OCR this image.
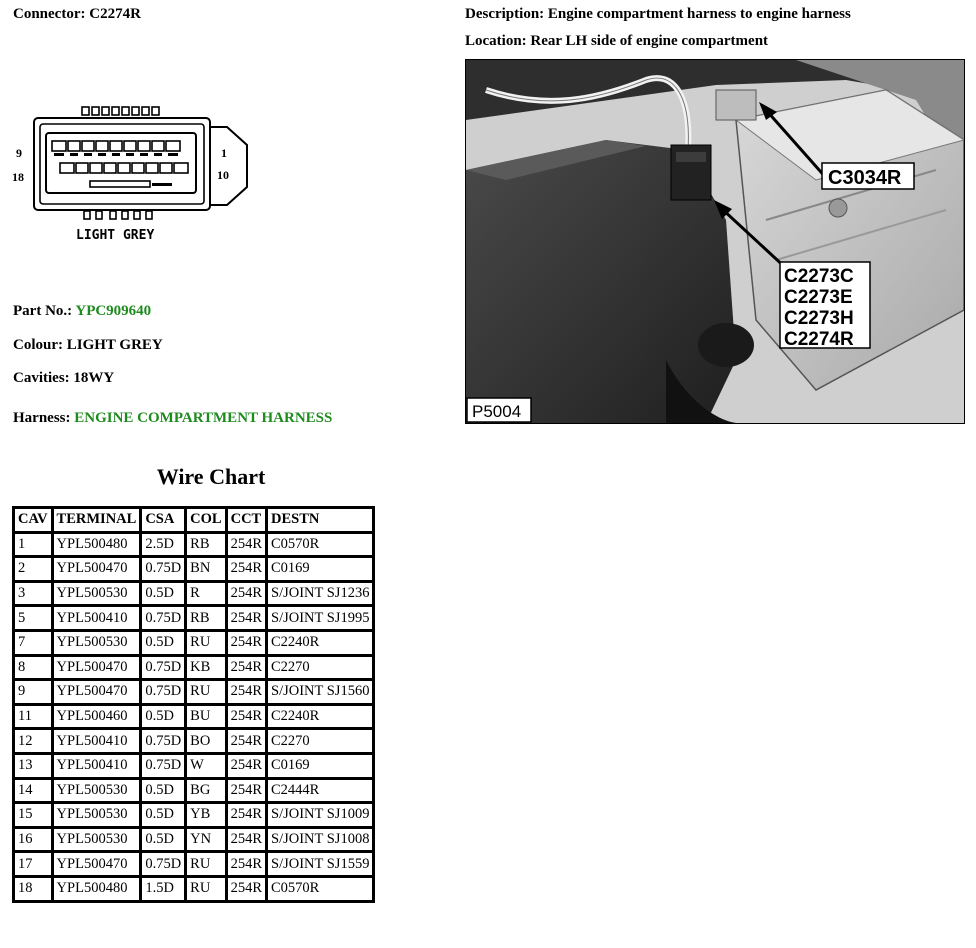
Connector: C2274R	Description: Engine compartment harness to engine harness
Location: Rear LH side of engine compartment
9
18
1
10
LIGHT GREY
Part No.: YPC909640
Colour: LIGHT GREY
Cavities: 18WY
Harness: ENGINE COMPARTMENT HARNESS
C3034R
C2273C
C2273E
C2273H
C2274R
P5004
Wire Chart
CAV	TERMINAL	CSA	COL	CCT	DESTN
1	YPL500480	2.5D	RB	254R	C0570R
2	YPL500470	0.75D	BN	254R	C0169
3	YPL500530	0.5D	R	254R	S/JOINT SJ1236
5	YPL500410	0.75D	RB	254R	S/JOINT SJ1995
7	YPL500530	0.5D	RU	254R	C2240R
8	YPL500470	0.75D	KB	254R	C2270
9	YPL500470	0.75D	RU	254R	S/JOINT SJ1560
11	YPL500460	0.5D	BU	254R	C2240R
12	YPL500410	0.75D	BO	254R	C2270
13	YPL500410	0.75D	W	254R	C0169
14	YPL500530	0.5D	BG	254R	C2444R
15	YPL500530	0.5D	YB	254R	S/JOINT SJ1009
16	YPL500530	0.5D	YN	254R	S/JOINT SJ1008
17	YPL500470	0.75D	RU	254R	S/JOINT SJ1559
18	YPL500480	1.5D	RU	254R	C0570R
